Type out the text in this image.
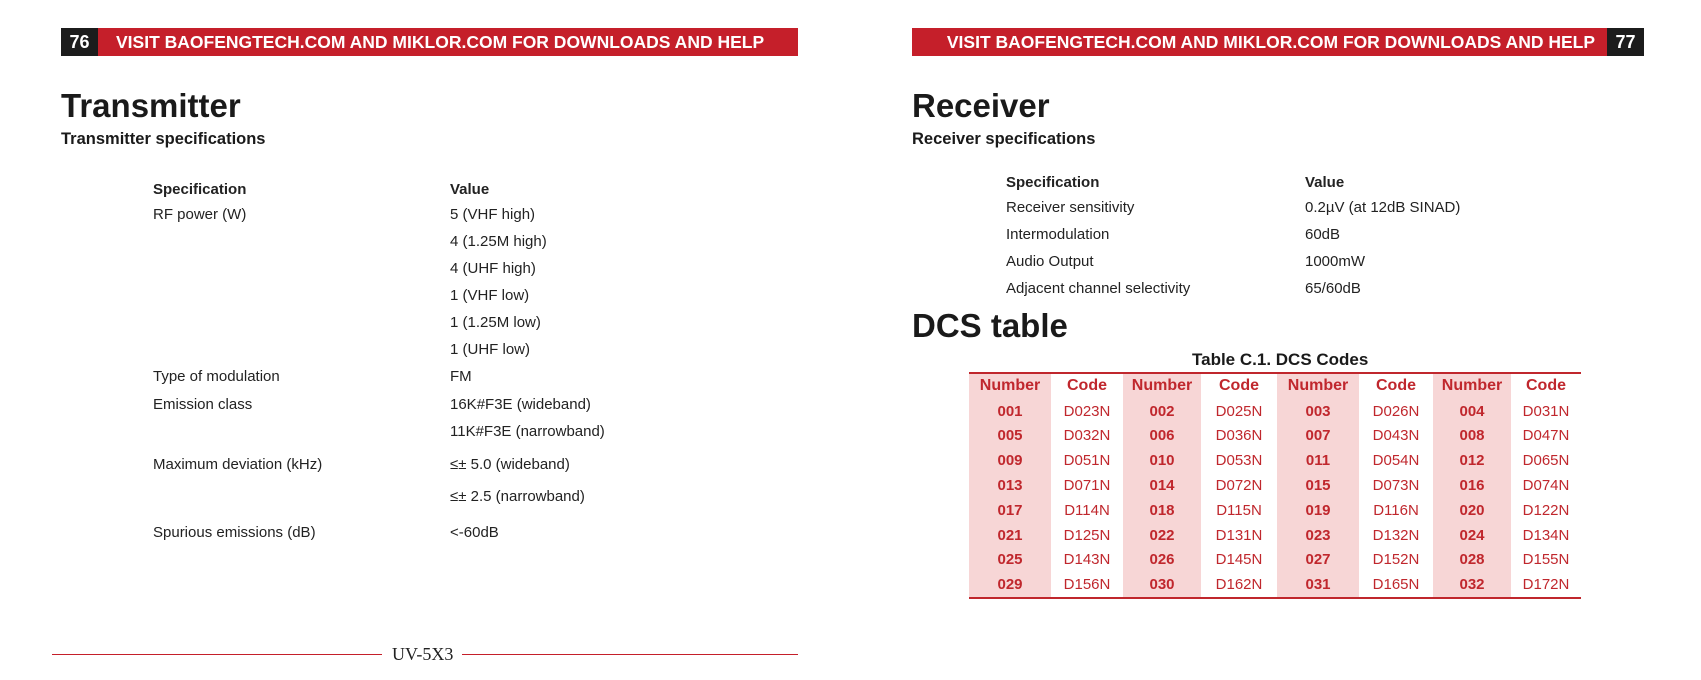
76	VISIT BAOFENGTECH.COM AND MIKLOR.COM FOR DOWNLOADS AND HELP
Transmitter
Transmitter specifications
Specification	Value
RF power (W)	5 (VHF high)
4 (1.25M high)
4 (UHF high)
1 (VHF low)
1 (1.25M low)
1 (UHF low)
Type of modulation	FM
Emission class	16K#F3E (wideband)
11K#F3E (narrowband)
Maximum deviation (kHz)	≤± 5.0 (wideband)
≤± 2.5 (narrowband)
Spurious emissions (dB)	<-60dB
UV-5X3
VISIT BAOFENGTECH.COM AND MIKLOR.COM FOR DOWNLOADS AND HELP	77
Receiver
Receiver specifications
Specification	Value
Receiver sensitivity	0.2µV (at 12dB SINAD)
Intermodulation	60dB
Audio Output	1000mW
Adjacent channel selectivity	65/60dB
DCS table
Table C.1. DCS Codes
Number	Code	Number	Code	Number	Code	Number	Code
001	D023N	002	D025N	003	D026N	004	D031N
005	D032N	006	D036N	007	D043N	008	D047N
009	D051N	010	D053N	011	D054N	012	D065N
013	D071N	014	D072N	015	D073N	016	D074N
017	D114N	018	D115N	019	D116N	020	D122N
021	D125N	022	D131N	023	D132N	024	D134N
025	D143N	026	D145N	027	D152N	028	D155N
029	D156N	030	D162N	031	D165N	032	D172N
